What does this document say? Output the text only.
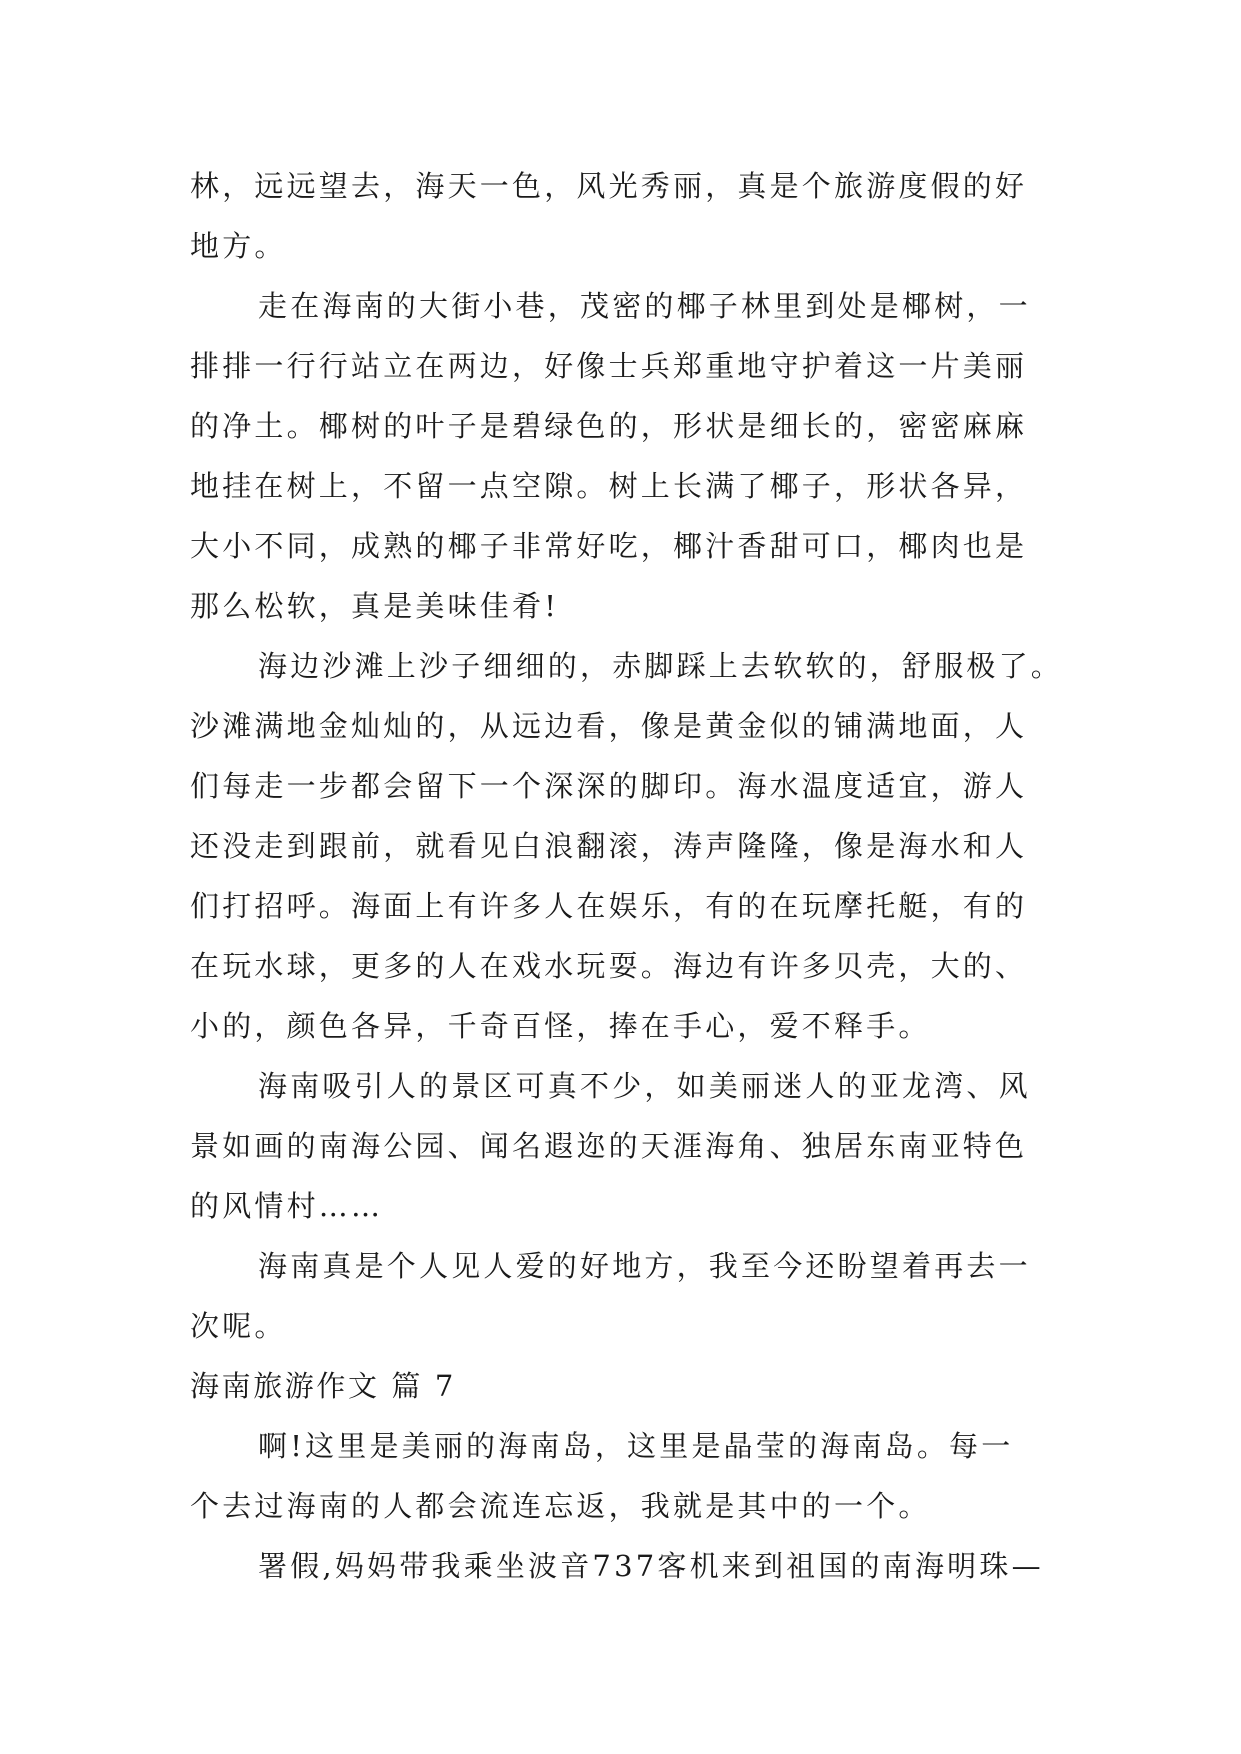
林，远远望去，海天一色，风光秀丽，真是个旅游度假的好
地方。
走在海南的大街小巷，茂密的椰子林里到处是椰树，一
排排一行行站立在两边，好像士兵郑重地守护着这一片美丽
的净土。椰树的叶子是碧绿色的，形状是细长的，密密麻麻
地挂在树上，不留一点空隙。树上长满了椰子，形状各异，
大小不同，成熟的椰子非常好吃，椰汁香甜可口，椰肉也是
那么松软，真是美味佳肴!
海边沙滩上沙子细细的，赤脚踩上去软软的，舒服极了。
沙滩满地金灿灿的，从远边看，像是黄金似的铺满地面，人
们每走一步都会留下一个深深的脚印。海水温度适宜，游人
还没走到跟前，就看见白浪翻滚，涛声隆隆，像是海水和人
们打招呼。海面上有许多人在娱乐，有的在玩摩托艇，有的
在玩水球，更多的人在戏水玩耍。海边有许多贝壳，大的、
小的，颜色各异，千奇百怪，捧在手心，爱不释手。
海南吸引人的景区可真不少，如美丽迷人的亚龙湾、风
景如画的南海公园、闻名遐迩的天涯海角、独居东南亚特色
的风情村……
海南真是个人见人爱的好地方，我至今还盼望着再去一
次呢。
海南旅游作文 篇 7
啊!这里是美丽的海南岛，这里是晶莹的海南岛。每一
个去过海南的人都会流连忘返，我就是其中的一个。
署假,妈妈带我乘坐波音737客机来到祖国的南海明珠—
